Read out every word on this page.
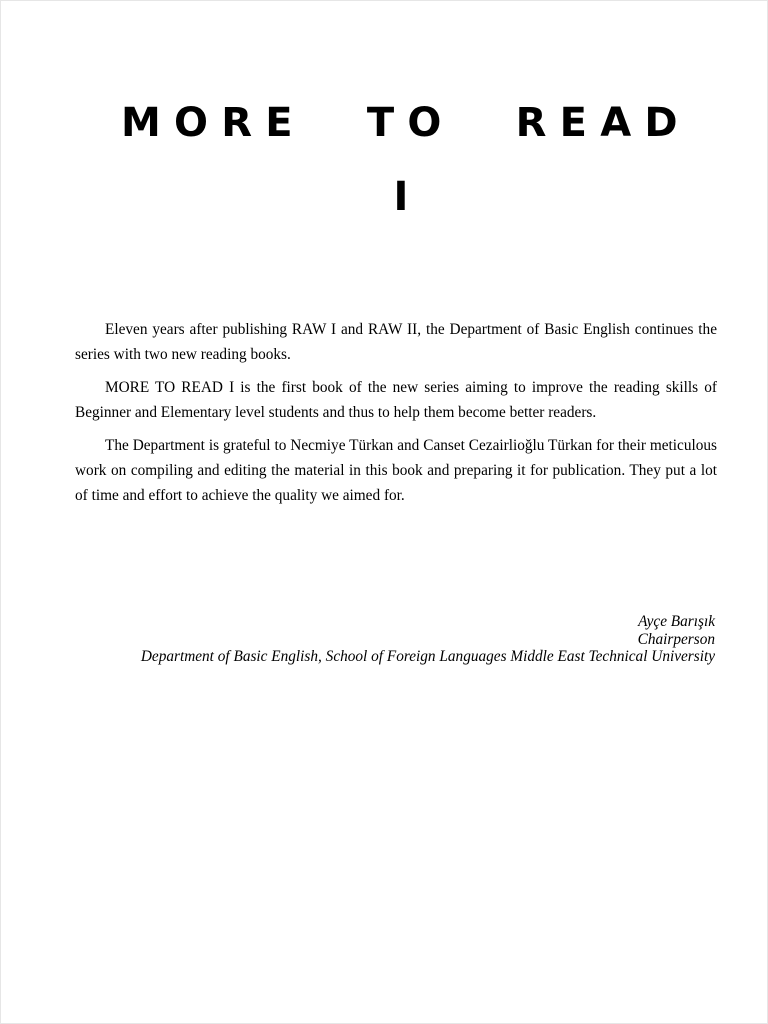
MORE TO READ
I

Eleven years after publishing RAW I and RAW II, the Department of Basic English continues the series with two new reading books.

MORE TO READ I is the first book of the new series aiming to improve the reading skills of Beginner and Elementary level students and thus to help them become better readers.

The Department is grateful to Necmiye Türkan and Canset Cezairlioğlu Türkan for their meticulous work on compiling and editing the material in this book and preparing it for publication. They put a lot of time and effort to achieve the quality we aimed for.

Ayçe Barışık
Chairperson
Department of Basic English, School of Foreign Languages Middle East Technical University
